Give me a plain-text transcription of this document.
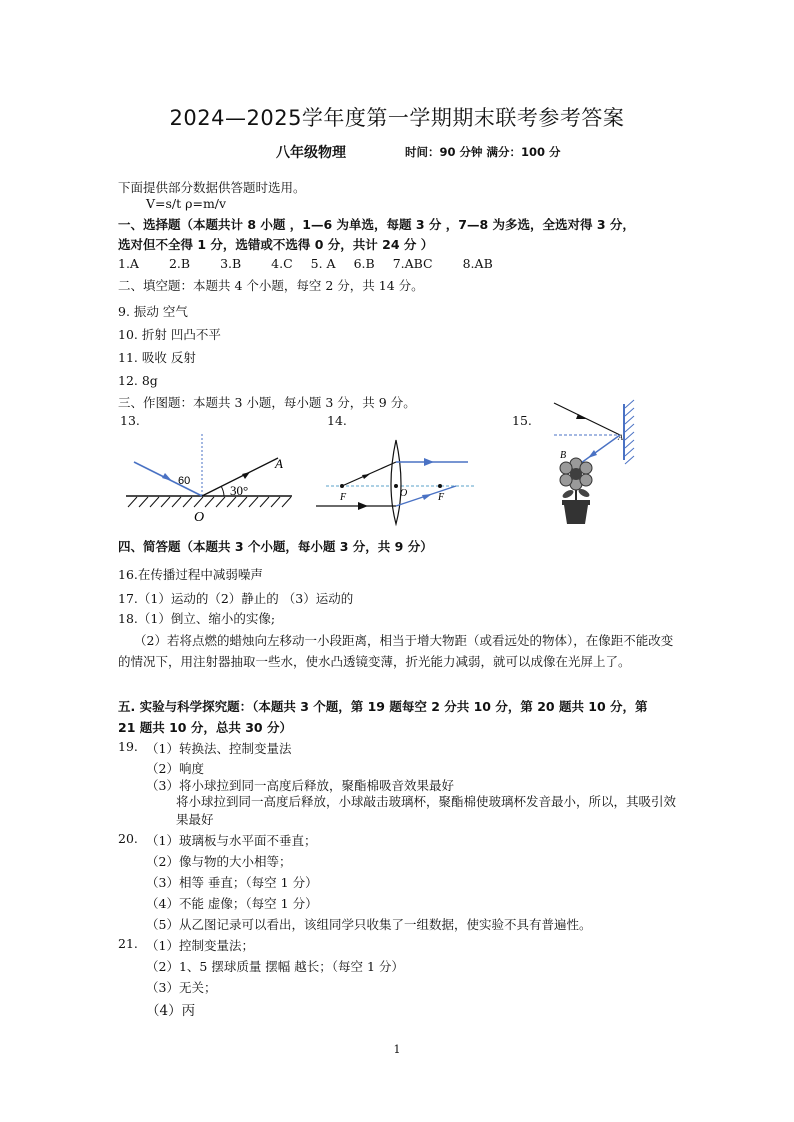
2024—2025学年度第一学期期末联考参考答案
八年级物理	时间：90 分钟 满分：100 分
下面提供部分数据供答题时选用。
V=s/t ρ=m/v
一、选择题（本题共计 8 小题 ，1—6 为单选，每题 3 分 ，7—8 为多选，全选对得 3 分，
选对但不全得 1 分，选错或不选得 0 分，共计 24 分 ）
1.A 2.B 3.B 4.C 5. A 6.B 7.ABC 8.AB
二、填空题：本题共 4 个小题，每空 2 分，共 14 分。
9. 振动 空气
10. 折射 凹凸不平
11. 吸收 反射
12. 8g
三、作图题：本题共 3 小题，每小题 3 分，共 9 分。
13.	14.	15.
60
30°
A
O
F	O	F
A
B
四、简答题（本题共 3 个小题，每小题 3 分，共 9 分）
16.在传播过程中减弱噪声
17.（1）运动的（2）静止的 （3）运动的
18.（1）倒立、缩小的实像;
（2）若将点燃的蜡烛向左移动一小段距离，相当于增大物距（或看远处的物体），在像距不能改变的情况下，用注射器抽取一些水，使水凸透镜变薄，折光能力减弱，就可以成像在光屏上了。
五. 实验与科学探究题：（本题共 3 个题，第 19 题每空 2 分共 10 分，第 20 题共 10 分，第
21 题共 10 分，总共 30 分）
19. （1）转换法、控制变量法
（2）响度
（3）将小球拉到同一高度后释放，聚酯棉吸音效果最好
将小球拉到同一高度后释放，小球敲击玻璃杯，聚酯棉使玻璃杯发音最小，所以，其吸引效果最好
20. （1）玻璃板与水平面不垂直；
（2）像与物的大小相等；
（3）相等 垂直；（每空 1 分）
（4）不能 虚像；（每空 1 分）
（5）从乙图记录可以看出，该组同学只收集了一组数据，使实验不具有普遍性。
21. （1）控制变量法；
（2）1、5 摆球质量 摆幅 越长；（每空 1 分）
（3）无关；
（4）丙
1
